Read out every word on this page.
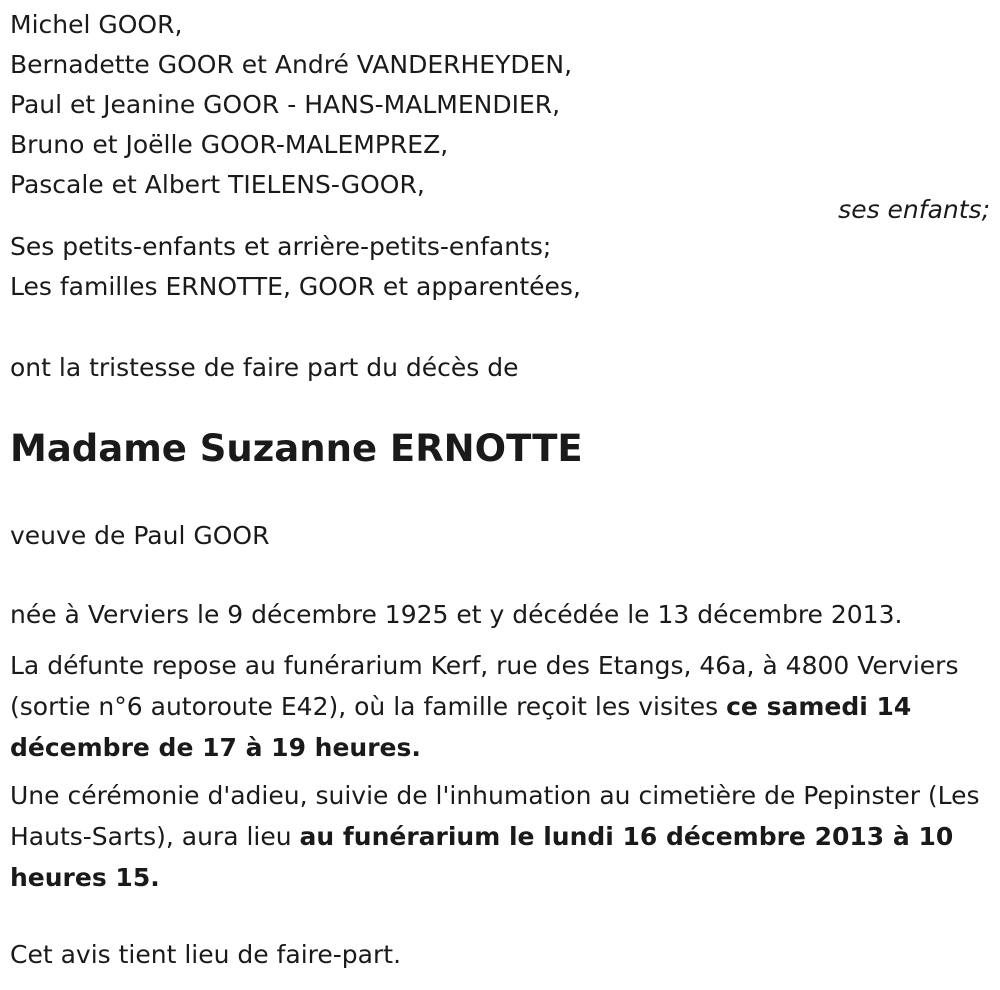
Michel GOOR,
Bernadette GOOR et André VANDERHEYDEN,
Paul et Jeanine GOOR - HANS-MALMENDIER,
Bruno et Joëlle GOOR-MALEMPREZ,
Pascale et Albert TIELENS-GOOR,
ses enfants;
Ses petits-enfants et arrière-petits-enfants;
Les familles ERNOTTE, GOOR et apparentées,
ont la tristesse de faire part du décès de
Madame Suzanne ERNOTTE
veuve de Paul GOOR
née à Verviers le 9 décembre 1925 et y décédée le 13 décembre 2013.
La défunte repose au funérarium Kerf, rue des Etangs, 46a, à 4800 Verviers (sortie n°6 autoroute E42), où la famille reçoit les visites ce samedi 14 décembre de 17 à 19 heures.
Une cérémonie d'adieu, suivie de l'inhumation au cimetière de Pepinster (Les Hauts-Sarts), aura lieu au funérarium le lundi 16 décembre 2013 à 10 heures 15.
Cet avis tient lieu de faire-part.
